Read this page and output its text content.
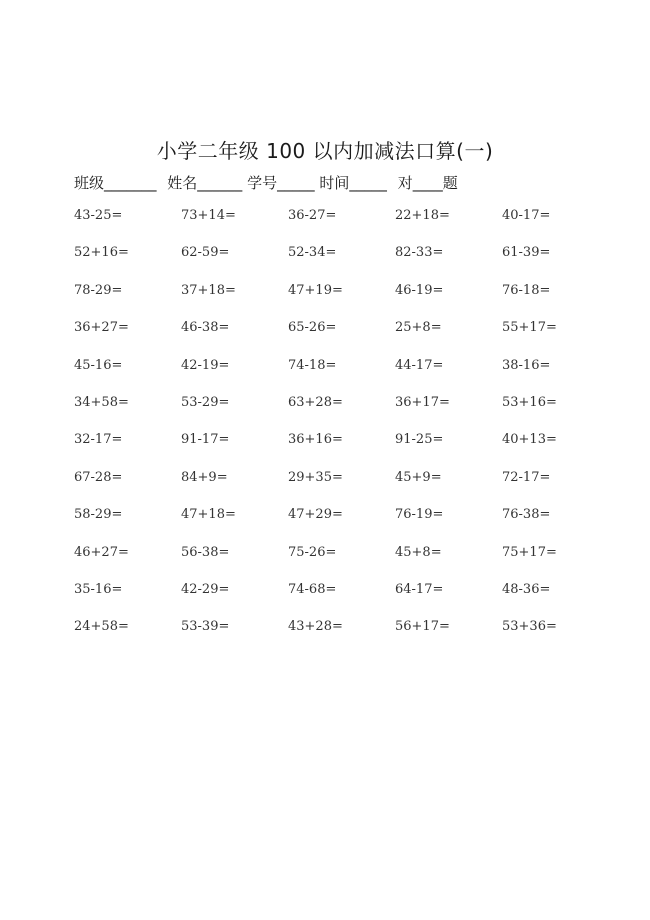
小学二年级 100 以内加减法口算(一)
班级_______ 姓名______ 学号_____ 时间_____ 对____题
43-25=	73+14=	36-27=	22+18=	40-17=
52+16=	62-59=	52-34=	82-33=	61-39=
78-29=	37+18=	47+19=	46-19=	76-18=
36+27=	46-38=	65-26=	25+8=	55+17=
45-16=	42-19=	74-18=	44-17=	38-16=
34+58=	53-29=	63+28=	36+17=	53+16=
32-17=	91-17=	36+16=	91-25=	40+13=
67-28=	84+9=	29+35=	45+9=	72-17=
58-29=	47+18=	47+29=	76-19=	76-38=
46+27=	56-38=	75-26=	45+8=	75+17=
35-16=	42-29=	74-68=	64-17=	48-36=
24+58=	53-39=	43+28=	56+17=	53+36=
